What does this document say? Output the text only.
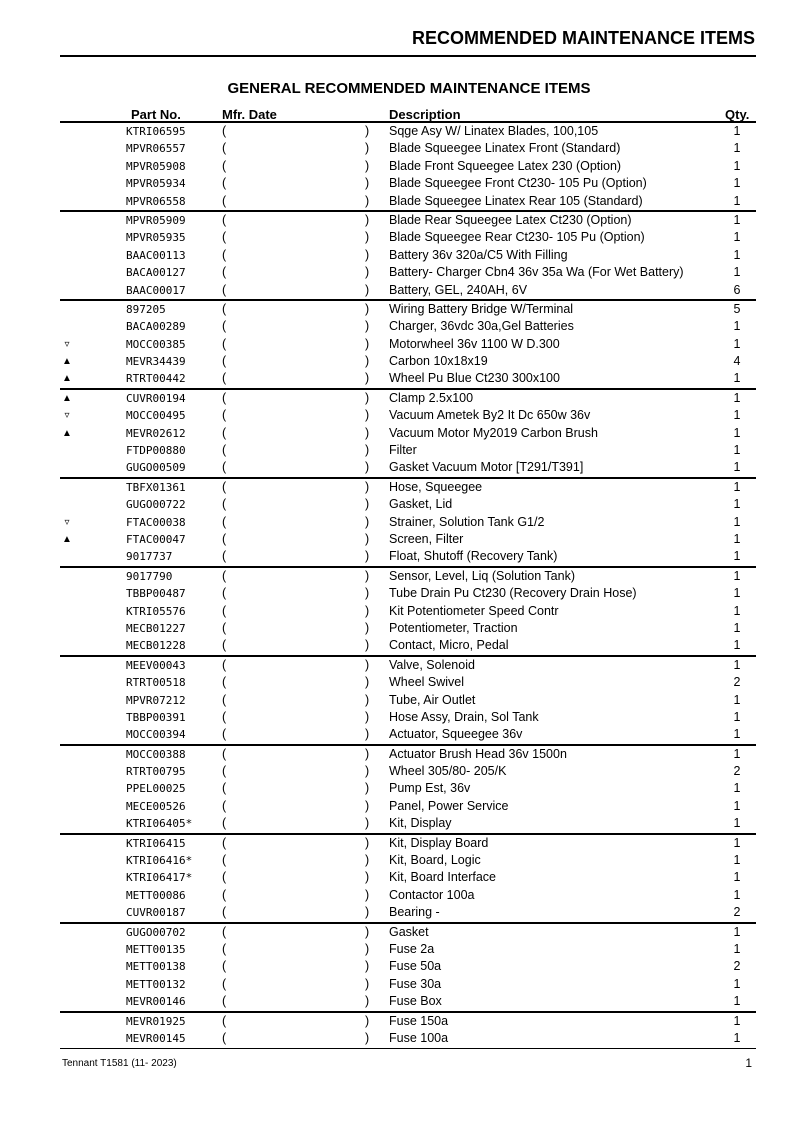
RECOMMENDED MAINTENANCE ITEMS
GENERAL RECOMMENDED MAINTENANCE ITEMS
Part No.	Mfr. Date	Description	Qty.
KTRI06595	(	) Sqge Asy W/ Linatex Blades, 100,105	1
MPVR06557	(	) Blade Squeegee Linatex Front (Standard)	1
MPVR05908	(	) Blade Front Squeegee Latex 230 (Option)	1
MPVR05934	(	) Blade Squeegee Front Ct230- 105 Pu (Option)	1
MPVR06558	(	) Blade Squeegee Linatex Rear 105 (Standard)	1
MPVR05909	(	) Blade Rear Squeegee Latex Ct230 (Option)	1
MPVR05935	(	) Blade Squeegee Rear Ct230- 105 Pu (Option)	1
BAAC00113	(	) Battery 36v 320a/C5 With Filling	1
BACA00127	(	) Battery- Charger Cbn4 36v 35a Wa (For Wet Battery)	1
BAAC00017	(	) Battery, GEL, 240AH, 6V	6
897205	(	) Wiring Battery Bridge W/Terminal	5
BACA00289	(	) Charger, 36vdc 30a,Gel Batteries	1
▿	MOCC00385	(	) Motorwheel 36v 1100 W D.300	1
▲	MEVR34439	(	) Carbon 10x18x19	4
▲	RTRT00442	(	) Wheel Pu Blue Ct230 300x100	1
▲	CUVR00194	(	) Clamp 2.5x100	1
▿	MOCC00495	(	) Vacuum Ametek By2 It Dc 650w 36v	1
▲	MEVR02612	(	) Vacuum Motor My2019 Carbon Brush	1
FTDP00880	(	) Filter	1
GUGO00509	(	) Gasket Vacuum Motor [T291/T391]	1
TBFX01361	(	) Hose, Squeegee	1
GUGO00722	(	) Gasket, Lid	1
▿	FTAC00038	(	) Strainer, Solution Tank G1/2	1
▲	FTAC00047	(	) Screen, Filter	1
9017737	(	) Float, Shutoff (Recovery Tank)	1
9017790	(	) Sensor, Level, Liq (Solution Tank)	1
TBBP00487	(	) Tube Drain Pu Ct230 (Recovery Drain Hose)	1
KTRI05576	(	) Kit Potentiometer Speed Contr	1
MECB01227	(	) Potentiometer, Traction	1
MECB01228	(	) Contact, Micro, Pedal	1
MEEV00043	(	) Valve, Solenoid	1
RTRT00518	(	) Wheel Swivel	2
MPVR07212	(	) Tube, Air Outlet	1
TBBP00391	(	) Hose Assy, Drain, Sol Tank	1
MOCC00394	(	) Actuator, Squeegee 36v	1
MOCC00388	(	) Actuator Brush Head 36v 1500n	1
RTRT00795	(	) Wheel 305/80- 205/K	2
PPEL00025	(	) Pump Est, 36v	1
MECE00526	(	) Panel, Power Service	1
KTRI06405* (	) Kit, Display	1
KTRI06415	(	) Kit, Display Board	1
KTRI06416* (	) Kit, Board, Logic	1
KTRI06417* (	) Kit, Board Interface	1
METT00086	(	) Contactor 100a	1
CUVR00187	(	) Bearing -	2
GUGO00702	(	) Gasket	1
METT00135	(	) Fuse 2a	1
METT00138	(	) Fuse 50a	2
METT00132	(	) Fuse 30a	1
MEVR00146	(	) Fuse Box	1
MEVR01925	(	) Fuse 150a	1
MEVR00145	(	) Fuse 100a	1
Tennant T1581 (11- 2023)	1
